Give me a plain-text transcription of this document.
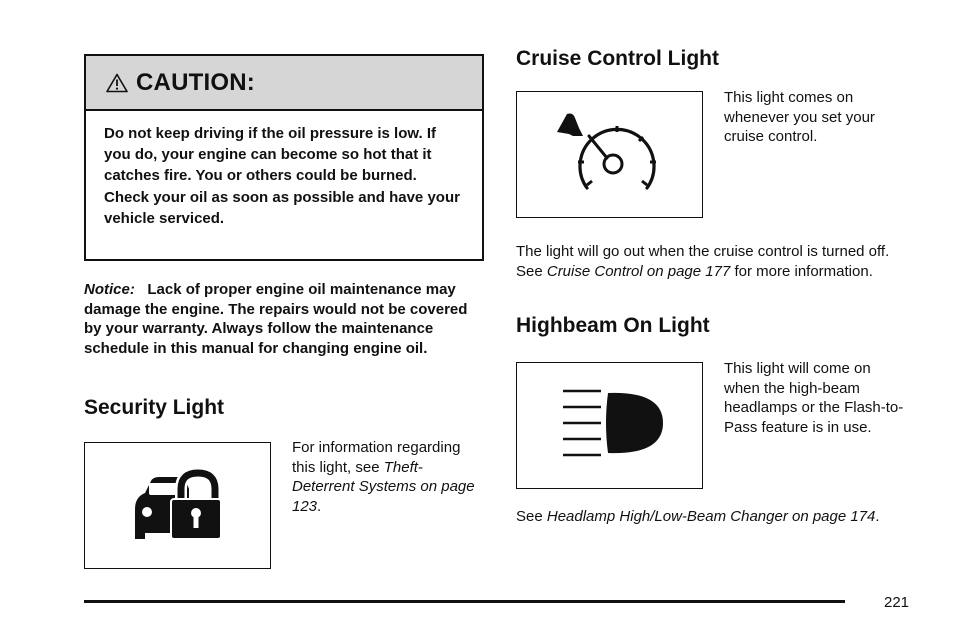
CAUTION:
Do not keep driving if the oil pressure is low. If you do, your engine can become so hot that it catches fire. You or others could be burned. Check your oil as soon as possible and have your vehicle serviced.
Notice: Lack of proper engine oil maintenance may damage the engine. The repairs would not be covered by your warranty. Always follow the maintenance schedule in this manual for changing engine oil.
Security Light
For information regarding this light, see Theft-Deterrent Systems on page 123.
Cruise Control Light
This light comes on whenever you set your cruise control.
The light will go out when the cruise control is turned off. See Cruise Control on page 177 for more information.
Highbeam On Light
This light will come on when the high-beam headlamps or the Flash-to-Pass feature is in use.
See Headlamp High/Low-Beam Changer on page 174.
221
